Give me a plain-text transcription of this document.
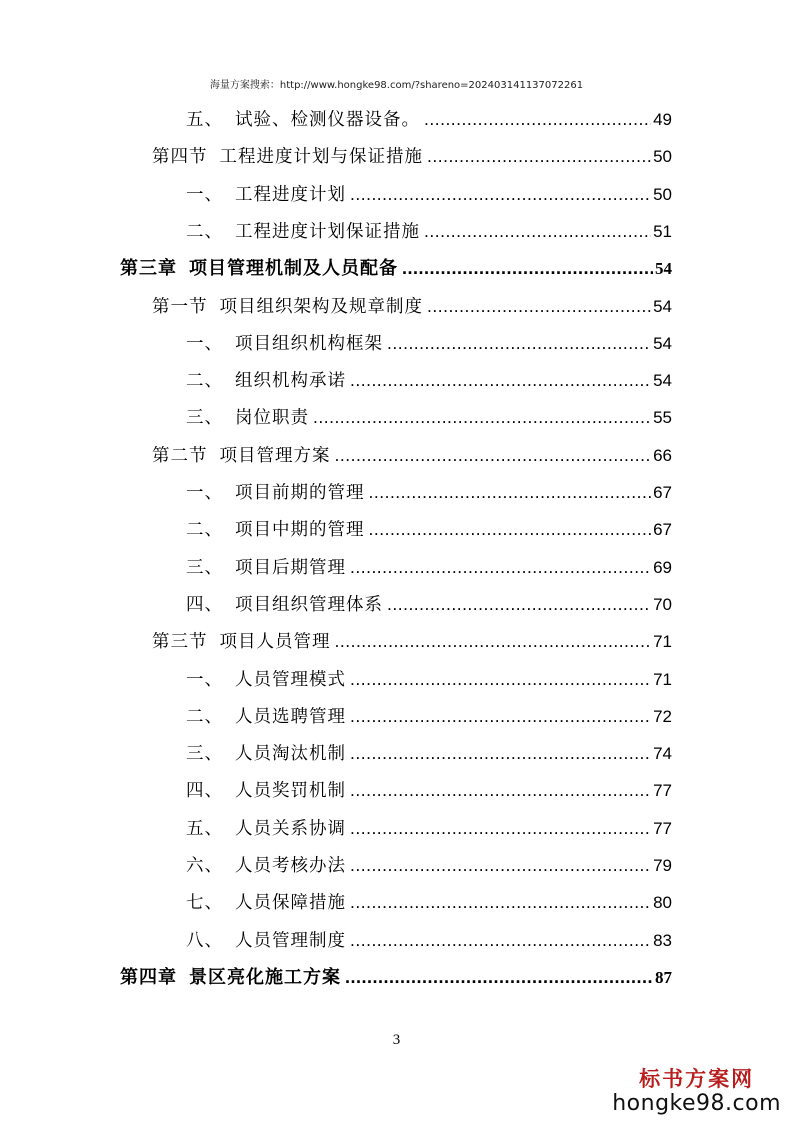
海量方案搜索：http://www.hongke98.com/?shareno=202403141137072261
五、 试验、检测仪器设备。 .....	49
第四节 工程进度计划与保证措施 .....	50
一、 工程进度计划 .....	50
二、 工程进度计划保证措施 .....	51
第三章 项目管理机制及人员配备 .....	54
第一节 项目组织架构及规章制度 .....	54
一、 项目组织机构框架 .....	54
二、 组织机构承诺 .....	54
三、 岗位职责 .....	55
第二节 项目管理方案 .....	66
一、 项目前期的管理 .....	67
二、 项目中期的管理 .....	67
三、 项目后期管理 .....	69
四、 项目组织管理体系 .....	70
第三节 项目人员管理 .....	71
一、 人员管理模式 .....	71
二、 人员选聘管理 .....	72
三、 人员淘汰机制 .....	74
四、 人员奖罚机制 .....	77
五、 人员关系协调 .....	77
六、 人员考核办法 .....	79
七、 人员保障措施 .....	80
八、 人员管理制度 .....	83
第四章 景区亮化施工方案 .....	87
3
标书方案网
hongke98.com
